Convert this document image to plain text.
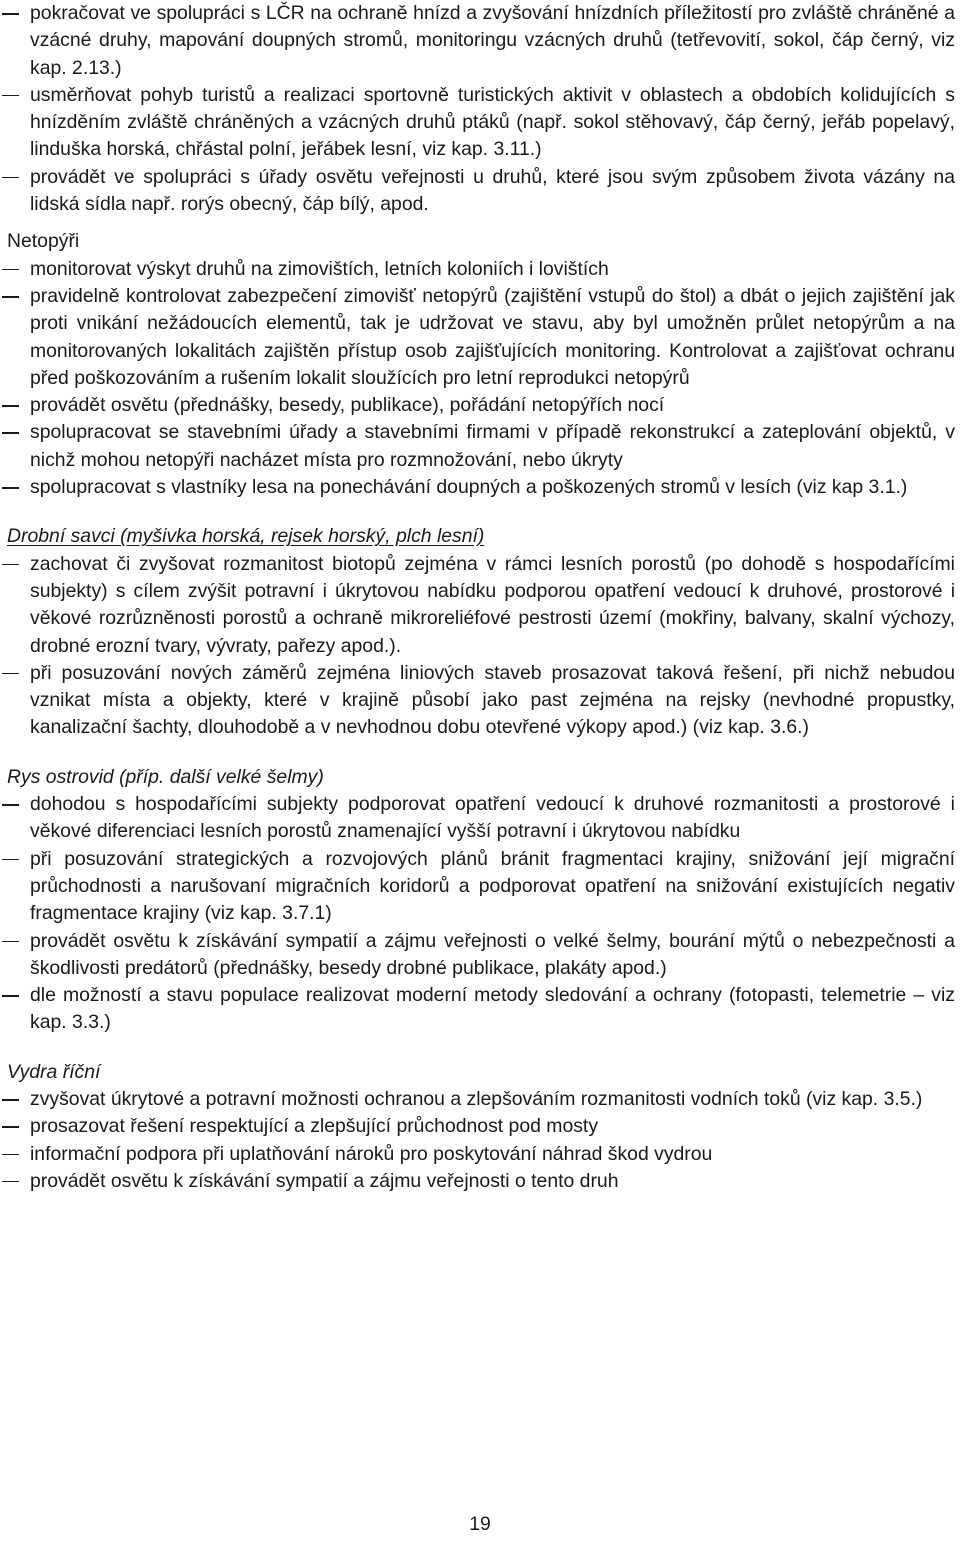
pokračovat ve spolupráci s LČR na ochraně hnízd a zvyšování hnízdních příležitostí pro zvláště chráněné a vzácné druhy, mapování doupných stromů, monitoringu vzácných druhů (tetřevovití, sokol, čáp černý, viz kap. 2.13.)

usměrňovat pohyb turistů a realizaci sportovně turistických aktivit v oblastech a obdobích kolidujících s hnízděním zvláště chráněných a vzácných druhů ptáků (např. sokol stěhovavý, čáp černý, jeřáb popelavý, linduška horská, chřástal polní, jeřábek lesní, viz kap. 3.11.)

provádět ve spolupráci s úřady osvětu veřejnosti u druhů, které jsou svým způsobem života vázány na lidská sídla např. rorýs obecný, čáp bílý, apod.

Netopýři

monitorovat výskyt druhů na zimovištích, letních koloniích i lovištích

pravidelně kontrolovat zabezpečení zimovišť netopýrů (zajištění vstupů do štol) a dbát o jejich zajištění jak proti vnikání nežádoucích elementů, tak je udržovat ve stavu, aby byl umožněn průlet netopýrům a na monitorovaných lokalitách zajištěn přístup osob zajišťujících monitoring. Kontrolovat a zajišťovat ochranu před poškozováním a rušením lokalit sloužících pro letní reprodukci netopýrů

provádět osvětu (přednášky, besedy, publikace), pořádání netopýřích nocí

spolupracovat se stavebními úřady a stavebními firmami v případě rekonstrukcí a zateplování objektů, v nichž mohou netopýři nacházet místa pro rozmnožování, nebo úkryty

spolupracovat s vlastníky lesa na ponechávání doupných a poškozených stromů v lesích (viz kap 3.1.)

Drobní savci (myšivka horská, rejsek horský, plch lesní)

zachovat či zvyšovat rozmanitost biotopů zejména v rámci lesních porostů (po dohodě s hospodařícími subjekty) s cílem zvýšit potravní i úkrytovou nabídku podporou opatření vedoucí k druhové, prostorové i věkové rozrůzněnosti porostů a ochraně mikroreliéfové pestrosti území (mokřiny, balvany, skalní výchozy, drobné erozní tvary, vývraty, pařezy apod.).

při posuzování nových záměrů zejména liniových staveb prosazovat taková řešení, při nichž nebudou vznikat místa a objekty, které v krajině působí jako past zejména na rejsky (nevhodné propustky, kanalizační šachty, dlouhodobě a v nevhodnou dobu otevřené výkopy apod.) (viz kap. 3.6.)

Rys ostrovid (příp. další velké šelmy)

dohodou s hospodařícími subjekty podporovat opatření vedoucí k druhové rozmanitosti a prostorové i věkové diferenciaci lesních porostů znamenající vyšší potravní i úkrytovou nabídku

při posuzování strategických a rozvojových plánů bránit fragmentaci krajiny, snižování její migrační průchodnosti a narušovaní migračních koridorů a podporovat opatření na snižování existujících negativ fragmentace krajiny (viz kap. 3.7.1)

provádět osvětu k získávání sympatií a zájmu veřejnosti o velké šelmy, bourání mýtů o nebezpečnosti a škodlivosti predátorů (přednášky, besedy drobné publikace, plakáty apod.)

dle možností a stavu populace realizovat moderní metody sledování a ochrany (fotopasti, telemetrie – viz kap. 3.3.)

Vydra říční

zvyšovat úkrytové a potravní možnosti ochranou a zlepšováním rozmanitosti vodních toků (viz kap. 3.5.)

prosazovat řešení respektující a zlepšující průchodnost pod mosty

informační podpora při uplatňování nároků pro poskytování náhrad škod vydrou

provádět osvětu k získávání sympatií a zájmu veřejnosti o tento druh

19
